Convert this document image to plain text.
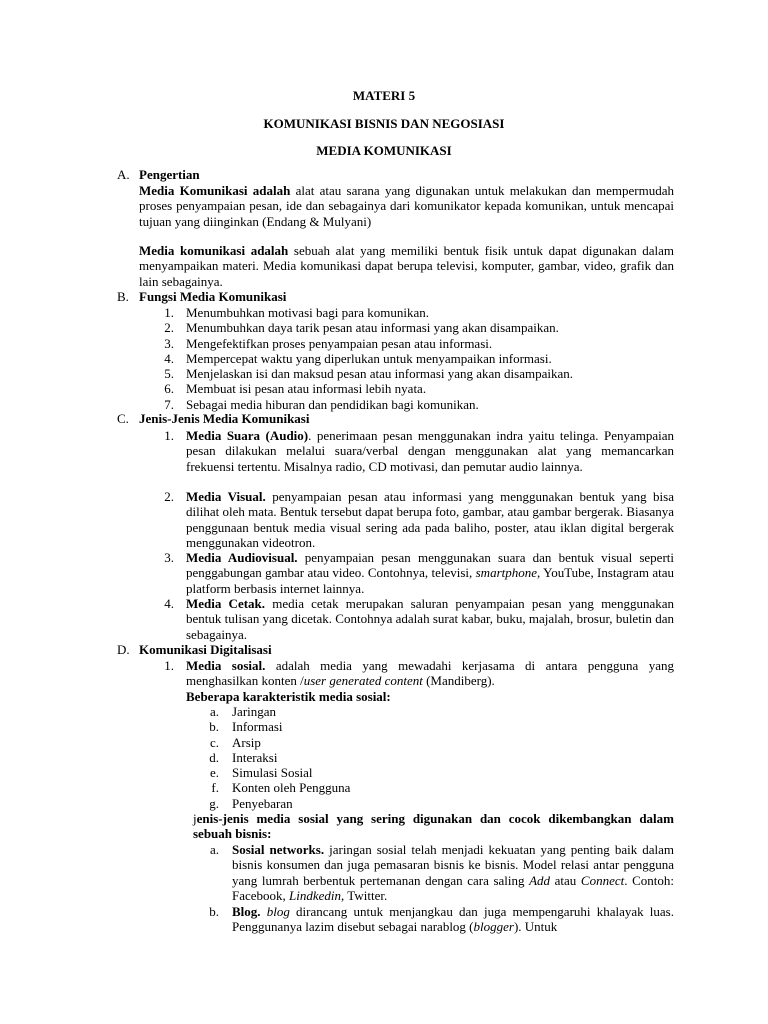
MATERI 5
KOMUNIKASI BISNIS DAN NEGOSIASI
MEDIA KOMUNIKASI
A. Pengertian
Media Komunikasi adalah alat atau sarana yang digunakan untuk melakukan dan mempermudah proses penyampaian pesan, ide dan sebagainya dari komunikator kepada komunikan, untuk mencapai tujuan yang diinginkan (Endang & Mulyani)
Media komunikasi adalah sebuah alat yang memiliki bentuk fisik untuk dapat digunakan dalam menyampaikan materi. Media komunikasi dapat berupa televisi, komputer, gambar, video, grafik dan lain sebagainya.
B. Fungsi Media Komunikasi
1. Menumbuhkan motivasi bagi para komunikan.
2. Menumbuhkan daya tarik pesan atau informasi yang akan disampaikan.
3. Mengefektifkan proses penyampaian pesan atau informasi.
4. Mempercepat waktu yang diperlukan untuk menyampaikan informasi.
5. Menjelaskan isi dan maksud pesan atau informasi yang akan disampaikan.
6. Membuat isi pesan atau informasi lebih nyata.
7. Sebagai media hiburan dan pendidikan bagi komunikan.
C. Jenis-Jenis Media Komunikasi
1. Media Suara (Audio). penerimaan pesan menggunakan indra yaitu telinga. Penyampaian pesan dilakukan melalui suara/verbal dengan menggunakan alat yang memancarkan frekuensi tertentu. Misalnya radio, CD motivasi, dan pemutar audio lainnya.
2. Media Visual. penyampaian pesan atau informasi yang menggunakan bentuk yang bisa dilihat oleh mata. Bentuk tersebut dapat berupa foto, gambar, atau gambar bergerak. Biasanya penggunaan bentuk media visual sering ada pada baliho, poster, atau iklan digital bergerak menggunakan videotron.
3. Media Audiovisual. penyampaian pesan menggunakan suara dan bentuk visual seperti penggabungan gambar atau video. Contohnya, televisi, smartphone, YouTube, Instagram atau platform berbasis internet lainnya.
4. Media Cetak. media cetak merupakan saluran penyampaian pesan yang menggunakan bentuk tulisan yang dicetak. Contohnya adalah surat kabar, buku, majalah, brosur, buletin dan sebagainya.
D. Komunikasi Digitalisasi
1. Media sosial. adalah media yang mewadahi kerjasama di antara pengguna yang menghasilkan konten /user generated content (Mandiberg).
Beberapa karakteristik media sosial:
a. Jaringan
b. Informasi
c. Arsip
d. Interaksi
e. Simulasi Sosial
f. Konten oleh Pengguna
g. Penyebaran
jenis-jenis media sosial yang sering digunakan dan cocok dikembangkan dalam sebuah bisnis:
a. Sosial networks. jaringan sosial telah menjadi kekuatan yang penting baik dalam bisnis konsumen dan juga pemasaran bisnis ke bisnis. Model relasi antar pengguna yang lumrah berbentuk pertemanan dengan cara saling Add atau Connect. Contoh: Facebook, Lindkedin, Twitter.
b. Blog. blog dirancang untuk menjangkau dan juga mempengaruhi khalayak luas. Penggunanya lazim disebut sebagai narablog (blogger). Untuk
